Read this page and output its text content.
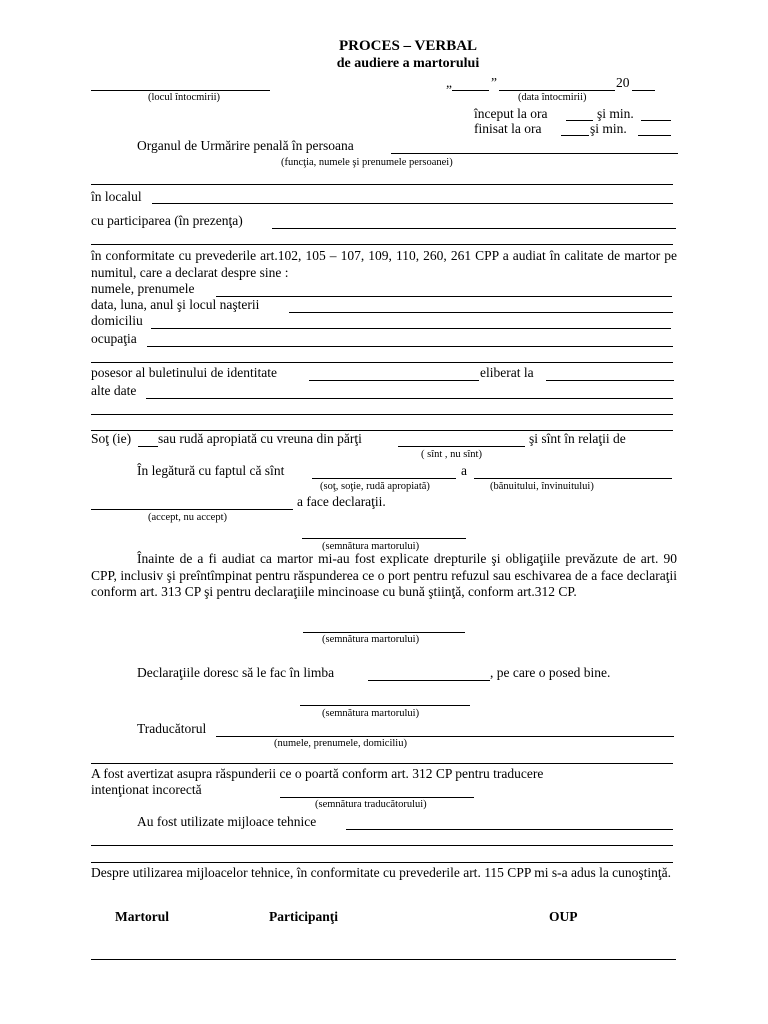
PROCES – VERBAL
de audiere a martorului
(locul întocmirii)
„	”	20
(data întocmirii)
început la ora	şi min.
finisat la ora	şi min.
Organul de Urmărire penală în persoana
(funcţia, numele şi prenumele persoanei)
în localul
cu participarea (în prezenţa)
în conformitate cu prevederile art.102, 105 – 107, 109, 110, 260, 261 CPP a audiat în calitate de martor pe numitul, care a declarat despre sine :
numele, prenumele
data, luna, anul şi locul naşterii
domiciliu
ocupaţia
posesor al buletinului de identitate	eliberat la
alte date
Soţ (ie) sau rudă apropiată cu vreuna din părţi	şi sînt în relaţii de
( sînt , nu sînt)
În legătură cu faptul că sînt	a
(soţ, soţie, rudă apropiată)	(bănuitului, învinuitului)
a face declaraţii.
(accept, nu accept)
(semnătura martorului)
Înainte de a fi audiat ca martor mi-au fost explicate drepturile şi obligaţiile prevăzute de art. 90 CPP, inclusiv şi preîntîmpinat pentru răspunderea ce o port pentru refuzul sau eschivarea de a face declaraţii conform art. 313 CP şi pentru declaraţiile mincinoase cu bună ştiinţă, conform art.312 CP.
(semnătura martorului)
Declaraţiile doresc să le fac în limba	, pe care o posed bine.
(semnătura martorului)
Traducătorul
(numele, prenumele, domiciliu)
A fost avertizat asupra răspunderii ce o poartă conform art. 312 CP pentru traducere
intenţionat incorectă
(semnătura traducătorului)
Au fost utilizate mijloace tehnice
Despre utilizarea mijloacelor tehnice, în conformitate cu prevederile art. 115 CPP mi s-a adus la cunoştinţă.
Martorul	Participanţi	OUP
